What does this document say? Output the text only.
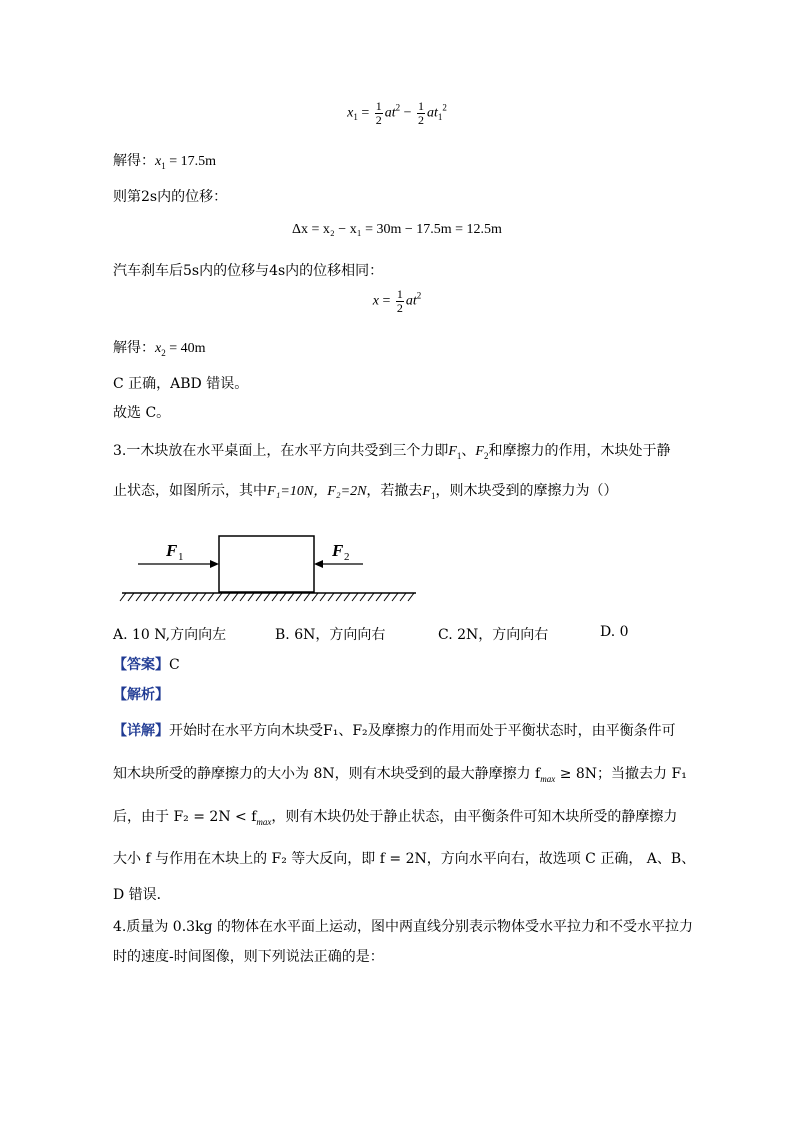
$x_1 = \frac{1}{2} at^2 - \frac{1}{2} at_1^2$
解得：$x_1 = 17.5m$
则第2s内的位移：
Δx = x₂ − x₁ = 30m − 17.5m = 12.5m
汽车刹车后5s内的位移与4s内的位移相同：
$x = \frac{1}{2} at^2$
解得：$x_2 = 40m$
C 正确，ABD 错误。
故选 C。
3.一木块放在水平桌面上，在水平方向共受到三个力即$F_1$、$F_2$和摩擦力的作用，木块处于静
止状态，如图所示，其中F₁=10N，F₂=2N，若撤去$F_1$，则木块受到的摩擦力为（）
F 1	F 2
A. 10 N,方向向左	B. 6N，方向向右	C. 2N，方向向右	D. 0
【答案】C
【解析】
【详解】开始时在水平方向木块受F₁、F₂及摩擦力的作用而处于平衡状态时，由平衡条件可
知木块所受的静摩擦力的大小为 8N，则有木块受到的最大静摩擦力 $f_{max} \ge 8N$；当撤去力 F₁
后，由于 $F_2 = 2N < f_{max}$，则有木块仍处于静止状态，由平衡条件可知木块所受的静摩擦力
大小 f 与作用在木块上的 F₂ 等大反向，即 f = 2N，方向水平向右，故选项 C 正确， A、B、
D 错误．
4.质量为 0.3kg 的物体在水平面上运动，图中两直线分别表示物体受水平拉力和不受水平拉力
时的速度-时间图像，则下列说法正确的是：
